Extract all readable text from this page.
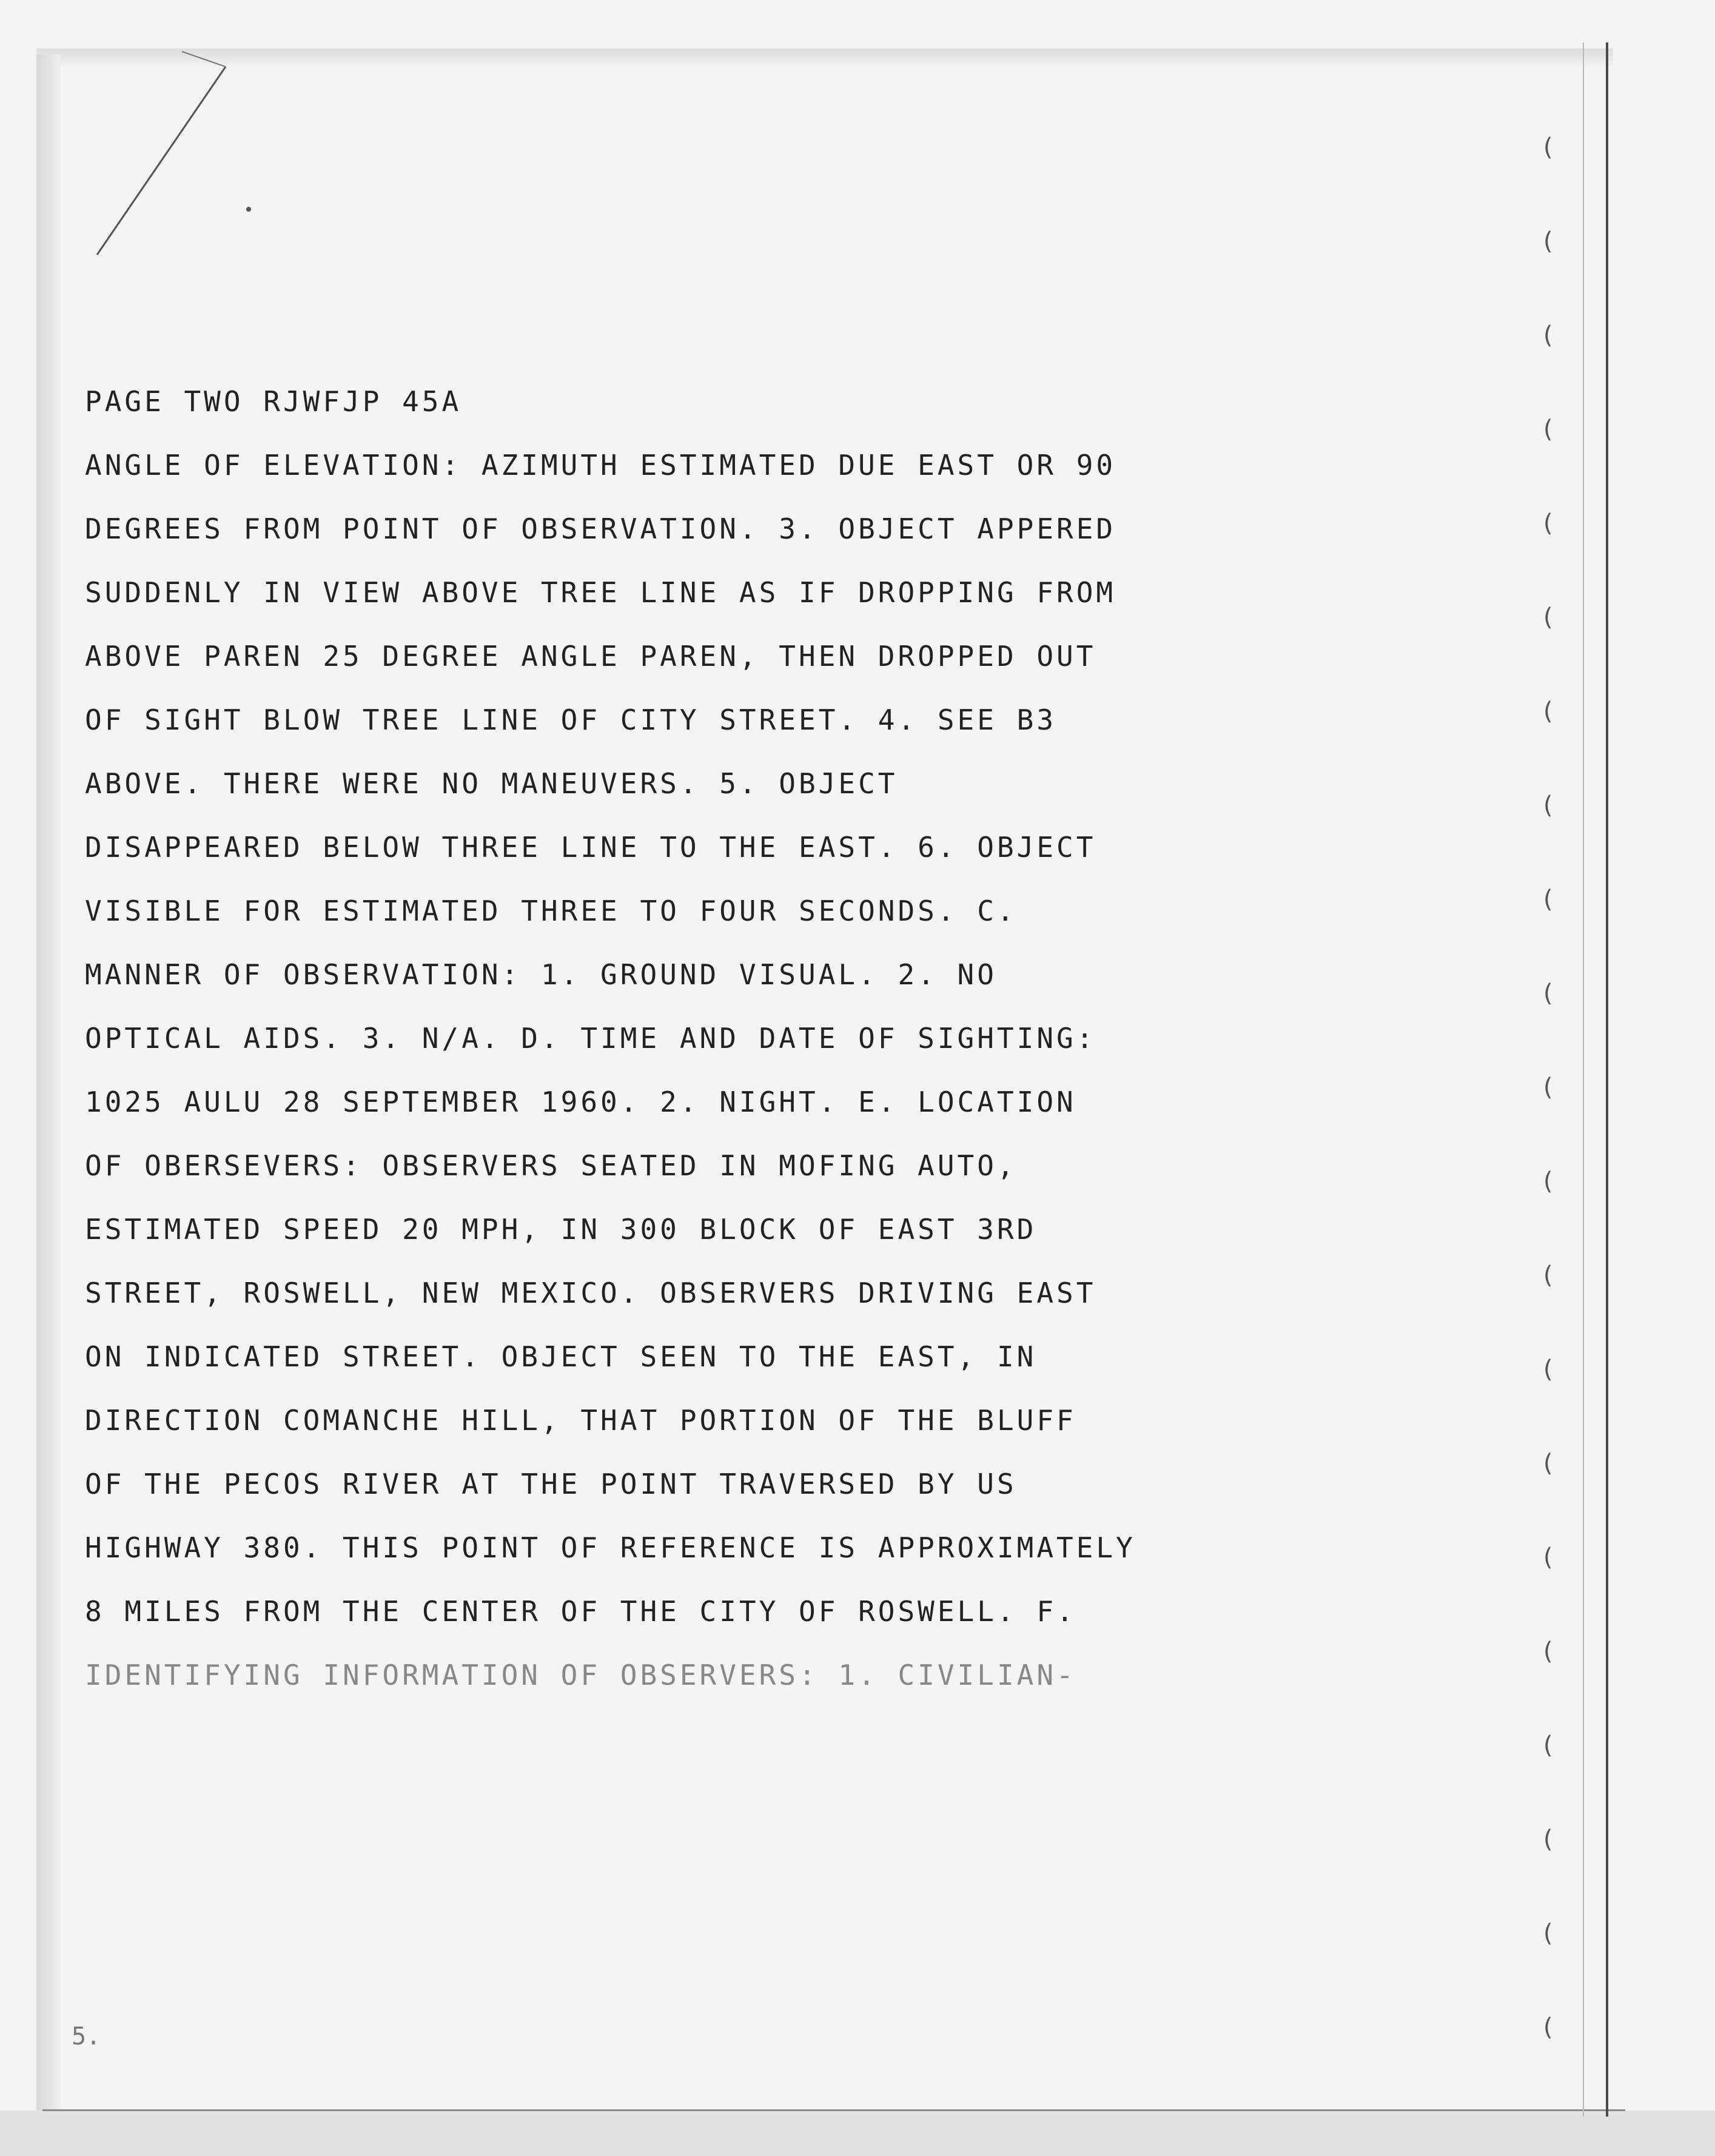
(
(
(
(
(
(
(
(
(
(
(
(
(
(
(
(
(
(
(
(
(
PAGE TWO RJWFJP 45A
ANGLE OF ELEVATION: AZIMUTH ESTIMATED DUE EAST OR 90
DEGREES FROM POINT OF OBSERVATION. 3. OBJECT APPERED
SUDDENLY IN VIEW ABOVE TREE LINE AS IF DROPPING FROM
ABOVE PAREN 25 DEGREE ANGLE PAREN, THEN DROPPED OUT
OF SIGHT BLOW TREE LINE OF CITY STREET. 4. SEE B3
ABOVE. THERE WERE NO MANEUVERS. 5. OBJECT
DISAPPEARED BELOW THREE LINE TO THE EAST. 6. OBJECT
VISIBLE FOR ESTIMATED THREE TO FOUR SECONDS. C.
MANNER OF OBSERVATION: 1. GROUND VISUAL. 2. NO
OPTICAL AIDS. 3. N/A. D. TIME AND DATE OF SIGHTING:
1025 AULU 28 SEPTEMBER 1960. 2. NIGHT. E. LOCATION
OF OBERSEVERS: OBSERVERS SEATED IN MOFING AUTO,
ESTIMATED SPEED 20 MPH, IN 300 BLOCK OF EAST 3RD
STREET, ROSWELL, NEW MEXICO. OBSERVERS DRIVING EAST
ON INDICATED STREET. OBJECT SEEN TO THE EAST, IN
DIRECTION COMANCHE HILL, THAT PORTION OF THE BLUFF
OF THE PECOS RIVER AT THE POINT TRAVERSED BY US
HIGHWAY 380. THIS POINT OF REFERENCE IS APPROXIMATELY
8 MILES FROM THE CENTER OF THE CITY OF ROSWELL. F.
IDENTIFYING INFORMATION OF OBSERVERS: 1. CIVILIAN-
5.
